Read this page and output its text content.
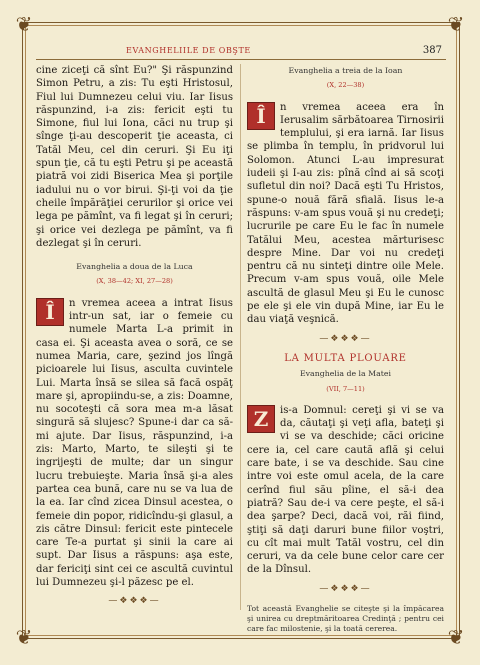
❦	❦
❦	❦
EVANGHELIILE DE OBŞTE	387

cine ziceţi că sînt Eu?" Şi răspunzind Simon Petru, a zis: Tu eşti Hristosul, Fiul lui Dumnezeu celui viu. Iar Iisus răspunzind, i-a zis: fericit eşti tu Simone, fiul lui Iona, căci nu trup şi sînge ţi-au descoperit ţie aceasta, ci Tatăl Meu, cel din ceruri. Şi Eu iţi spun ţie, că tu eşti Petru şi pe această piatră voi zidi Biserica Mea şi porţile iadului nu o vor birui. Şi-ţi voi da ţie cheile împărăţiei cerurilor şi orice vei lega pe pămînt, va fi legat şi în ceruri; şi orice vei dezlega pe pămînt, va fi dezlegat şi în ceruri.

Evanghelia a doua de la Luca
(X, 38—42; XI, 27—28)

Î	n vremea aceea a intrat Iisus intr-un sat, iar o femeie cu numele Marta L-a primit in casa ei. Şi aceasta avea o soră, ce se numea Maria, care, şezind jos lîngă picioarele lui Iisus, asculta cuvintele Lui. Marta însă se silea să facă ospăţ mare şi, apropiindu-se, a zis: Doamne, nu socoteşti că sora mea m-a lăsat singură să slujesc? Spune-i dar ca să-mi ajute. Dar Iisus, răspunzind, i-a zis: Marto, Marto, te sileşti şi te ingrijeşti de multe; dar un singur lucru trebuieşte. Maria însă şi-a ales partea cea bună, care nu se va lua de la ea. Iar cînd zicea Dinsul acestea, o femeie din popor, ridicîndu-şi glasul, a zis către Dinsul: fericit este pintecele care Te-a purtat şi sinii la care ai supt. Dar Iisus a răspuns: aşa este, dar fericiţi sint cei ce ascultă cuvintul lui Dumnezeu şi-l păzesc pe el.

—❖❖❖—
Evanghelia a treia de la Ioan
(X, 22—38)

Î	n vremea aceea era în Ierusalim sărbătoarea Tirnosirii templului, şi era iarnă. Iar Iisus se plimba în templu, în pridvorul lui Solomon. Atunci L-au impresurat iudeii şi I-au zis: pînă cînd ai să scoţi sufletul din noi? Dacă eşti Tu Hristos, spune-o nouă fără sfială. Iisus le-a răspuns: v-am spus vouă şi nu credeţi; lucrurile pe care Eu le fac în numele Tatălui Meu, acestea mărturisesc despre Mine. Dar voi nu credeţi pentru că nu sinteţi dintre oile Mele. Precum v-am spus vouă, oile Mele ascultă de glasul Meu şi Eu le cunosc pe ele şi ele vin după Mine, iar Eu le dau viaţă veşnică.

—❖❖❖—
LA MULTA PLOUARE
Evanghelia de la Matei
(VII, 7—11)

Z	is-a Domnul: cereţi şi vi se va da, căutaţi şi veţi afla, bateţi şi vi se va deschide; căci oricine cere ia, cel care caută află şi celui care bate, i se va deschide. Sau cine intre voi este omul acela, de la care cerînd fiul său pîine, el să-i dea piatră? Sau de-i va cere peşte, el să-i dea şarpe? Deci, dacă voi, răi fiind, ştiţi să daţi daruri bune fiilor voştri, cu cît mai mult Tatăl vostru, cel din ceruri, va da cele bune celor care cer de la Dînsul.

—❖❖❖—

Tot această Evanghelie se citeşte şi la împăcarea şi unirea cu dreptmăritoarea Credinţă ; pentru cei care fac milostenie, şi la toată cererea.
